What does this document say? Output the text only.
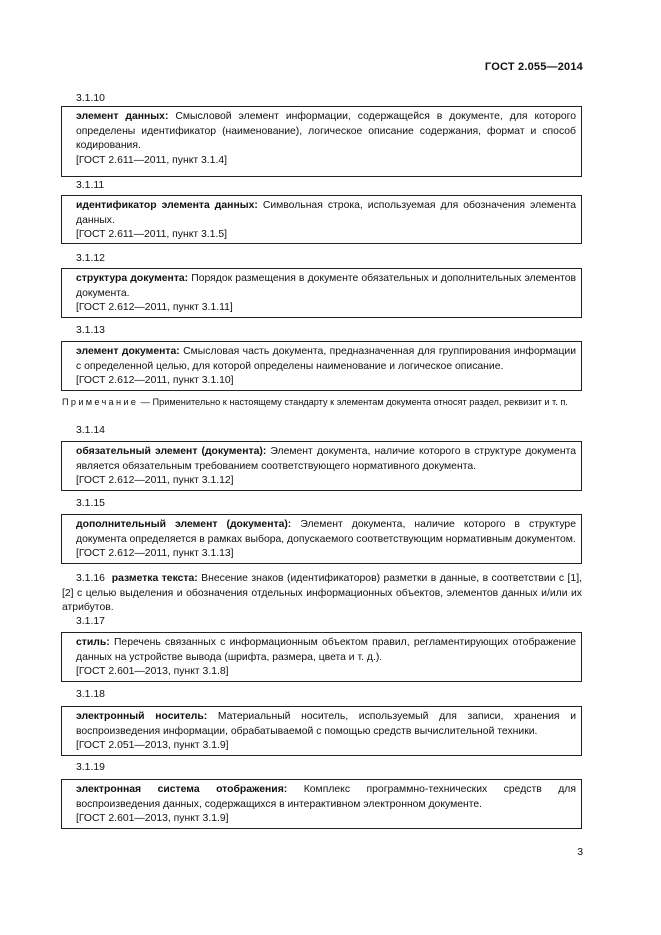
ГОСТ 2.055—2014
3.1.10
элемент данных: Смысловой элемент информации, содержащейся в документе, для которого определены идентификатор (наименование), логическое описание содержания, формат и способ кодирования.
[ГОСТ 2.611—2011, пункт 3.1.4]
3.1.11
идентификатор элемента данных: Символьная строка, используемая для обозначения элемента данных.
[ГОСТ 2.611—2011, пункт 3.1.5]
3.1.12
структура документа: Порядок размещения в документе обязательных и дополнительных элементов документа.
[ГОСТ 2.612—2011, пункт 3.1.11]
3.1.13
элемент документа: Смысловая часть документа, предназначенная для группирования информации с определенной целью, для которой определены наименование и логическое описание.
[ГОСТ 2.612—2011, пункт 3.1.10]
Примечание — Применительно к настоящему стандарту к элементам документа относят раздел, реквизит и т. п.
3.1.14
обязательный элемент (документа): Элемент документа, наличие которого в структуре документа является обязательным требованием соответствующего нормативного документа.
[ГОСТ 2.612—2011, пункт 3.1.12]
3.1.15
дополнительный элемент (документа): Элемент документа, наличие которого в структуре документа определяется в рамках выбора, допускаемого соответствующим нормативным документом.
[ГОСТ 2.612—2011, пункт 3.1.13]
3.1.16 разметка текста: Внесение знаков (идентификаторов) разметки в данные, в соответствии с [1], [2] с целью выделения и обозначения отдельных информационных объектов, элементов данных и/или их атрибутов.
3.1.17
стиль: Перечень связанных с информационным объектом правил, регламентирующих отображение данных на устройстве вывода (шрифта, размера, цвета и т. д.).
[ГОСТ 2.601—2013, пункт 3.1.8]
3.1.18
электронный носитель: Материальный носитель, используемый для записи, хранения и воспроизведения информации, обрабатываемой с помощью средств вычислительной техники.
[ГОСТ 2.051—2013, пункт 3.1.9]
3.1.19
электронная система отображения: Комплекс программно-технических средств для воспроизведения данных, содержащихся в интерактивном электронном документе.
[ГОСТ 2.601—2013, пункт 3.1.9]
3
